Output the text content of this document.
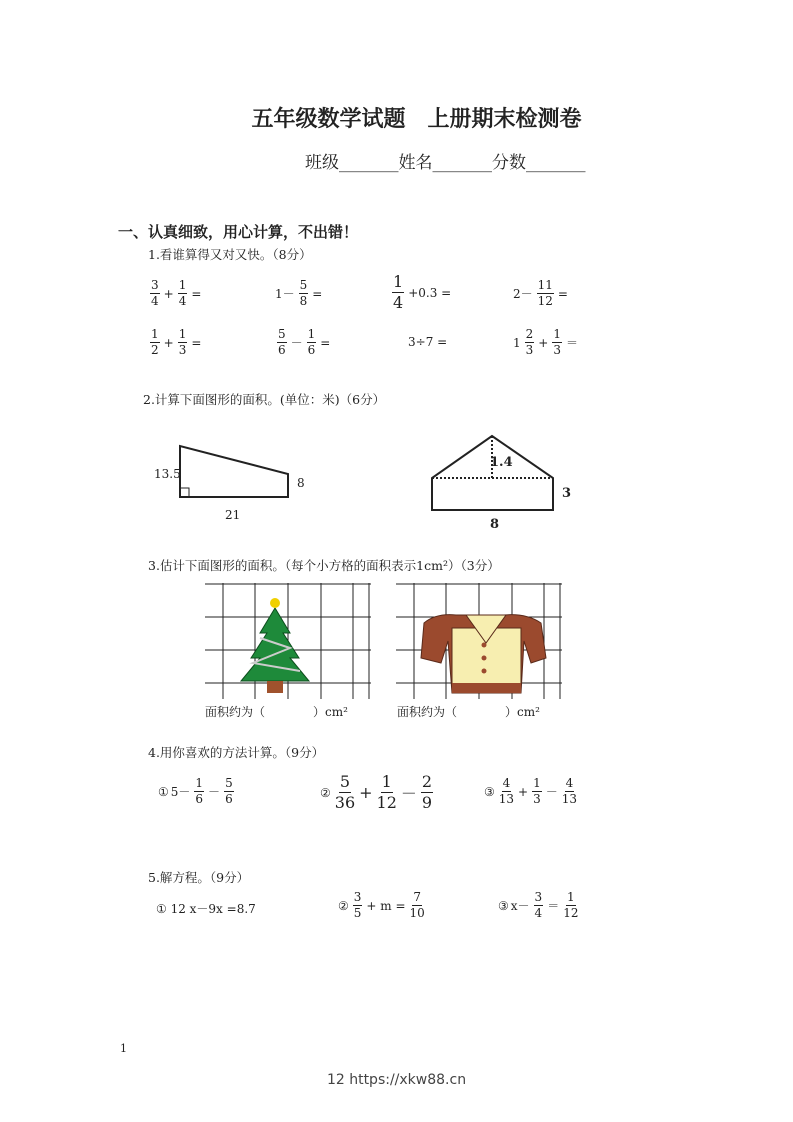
五年级数学试题　上册期末检测卷
班级_______姓名_______分数_______
一、认真细致，用心计算，不出错！
1.看谁算得又对又快。（8分）
$\frac{3}{4} + \frac{1}{4}$ =	$1- \frac{5}{8}$ =	$\frac{1}{4} +0.3$ =	$2- \frac{11}{12}$ =
$\frac{1}{2} + \frac{1}{3}$ =	$\frac{5}{6} - \frac{1}{6}$ =	3÷7 =	$1 \frac{2}{3} + \frac{1}{3}$ ＝
2.计算下面图形的面积。(单位：米)（6分）
13.5
8
21
1.4
3
8
3.估计下面图形的面积。（每个小方格的面积表示1cm²）（3分）
面积约为（　　　　）cm²	面积约为（　　　　）cm²
4.用你喜欢的方法计算。（9分）
① $5- \frac{1}{6} - \frac{5}{6}$	② $\frac{5}{36} + \frac{1}{12} - \frac{2}{9}$	③ $\frac{4}{13} + \frac{1}{3} - \frac{4}{13}$
5.解方程。（9分）
① 12 x－9x =8.7	② $\frac{3}{5} + m = \frac{7}{10}$	③ $x- \frac{3}{4} = \frac{1}{12}$
1
12 https://xkw88.cn
